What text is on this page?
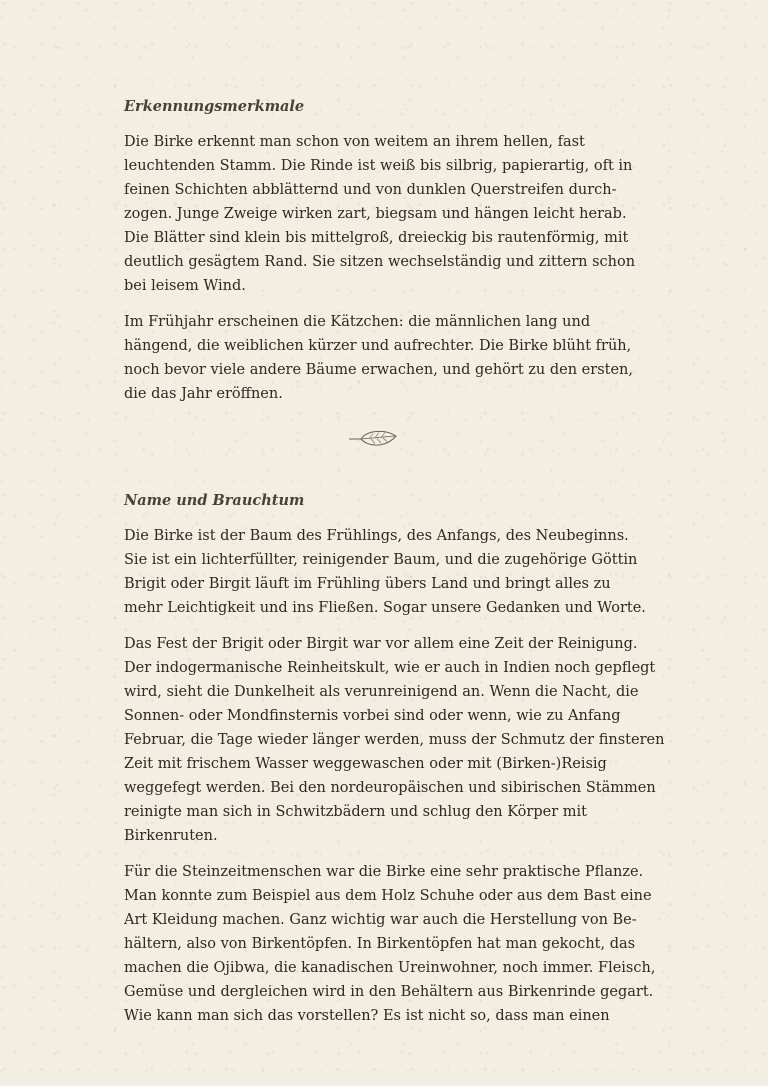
Erkennungsmerkmale

Die Birke erkennt man schon von weitem an ihrem hellen, fast
leuchtenden Stamm. Die Rinde ist weiß bis silbrig, papierartig, oft in
feinen Schichten abblätternd und von dunklen Querstreifen durch-
zogen. Junge Zweige wirken zart, biegsam und hängen leicht herab.
Die Blätter sind klein bis mittelgroß, dreieckig bis rautenförmig, mit
deutlich gesägtem Rand. Sie sitzen wechselständig und zittern schon
bei leisem Wind.

Im Frühjahr erscheinen die Kätzchen: die männlichen lang und
hängend, die weiblichen kürzer und aufrechter. Die Birke blüht früh,
noch bevor viele andere Bäume erwachen, und gehört zu den ersten,
die das Jahr eröffnen.

Name und Brauchtum

Die Birke ist der Baum des Frühlings, des Anfangs, des Neubeginns.
Sie ist ein lichterfüllter, reinigender Baum, und die zugehörige Göttin
Brigit oder Birgit läuft im Frühling übers Land und bringt alles zu
mehr Leichtigkeit und ins Fließen. Sogar unsere Gedanken und Worte.

Das Fest der Brigit oder Birgit war vor allem eine Zeit der Reinigung.
Der indogermanische Reinheitskult, wie er auch in Indien noch gepflegt
wird, sieht die Dunkelheit als verunreinigend an. Wenn die Nacht, die
Sonnen- oder Mondfinsternis vorbei sind oder wenn, wie zu Anfang
Februar, die Tage wieder länger werden, muss der Schmutz der finsteren
Zeit mit frischem Wasser weggewaschen oder mit (Birken-)Reisig
weggefegt werden. Bei den nordeuropäischen und sibirischen Stämmen
reinigte man sich in Schwitzbädern und schlug den Körper mit
Birkenruten.

Für die Steinzeitmenschen war die Birke eine sehr praktische Pflanze.
Man konnte zum Beispiel aus dem Holz Schuhe oder aus dem Bast eine
Art Kleidung machen. Ganz wichtig war auch die Herstellung von Be-
hältern, also von Birkentöpfen. In Birkentöpfen hat man gekocht, das
machen die Ojibwa, die kanadischen Ureinwohner, noch immer. Fleisch,
Gemüse und dergleichen wird in den Behältern aus Birkenrinde gegart.
Wie kann man sich das vorstellen? Es ist nicht so, dass man einen
